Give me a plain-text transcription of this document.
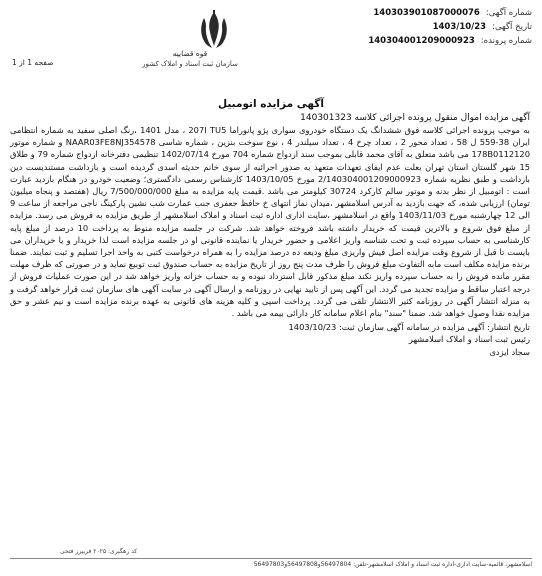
شماره آگهی:
140303901087000076
تاریخ آگهی:
1403/10/23
شماره پرونده:
140304001209000923
قوه قضاییه
سازمان ثبت اسناد و املاک کشور
صفحه 1 از 1
آگهی مزایده اتومبیل
آگهی مزایده اموال منقول پرونده اجرائی کلاسه 140301323

به موجب پرونده اجرائی کلاسه فوق ششدانگ یک دستگاه خودروی سواری پژو پانوراما 207I TU5 ، مدل 1401 ،رنگ اصلی سفید به شماره انتظامی ایران 38-559 ل 58 ، تعداد محور 2 ، تعداد چرخ 4 ، تعداد سیلندر 4 ، نوع سوخت بنزین ، شماره شاسی NAAR03FE8NJ354578 و شماره موتور 178B0112120 می باشد متعلق به آقای محمد قابلی بموجب سند ازدواج شماره 704 مورخ 1402/07/14 تنظیمی دفترخانه ازدواج شماره 79 و طلاق 15 شهر گلستان استان تهران بعلت عدم ایفای تعهدات متعهد به صدور اجرائیه از سوی خانم حدیثه اسدی گردیده است و بازداشت مستندیست دین بازداشت و طبق نظریه شماره 2/140304001209000923 مورخ 1403/10/05 کارشناس رسمی دادگستری؛ وضعیت خودرو در هنگام بازدید عبارت است : اتومبیل از نظر بدنه و موتور سالم کارکرد 30724 کیلومتر می باشد .قیمت پایه مزایده به مبلغ 7/500/000/000 ریال (هفتصد و پنجاه میلیون تومان) ارزیابی شده، که جهت بازدید به آدرس اسلامشهر ،میدان نماز انتهای خ حافظ جعفری جنب عمارت شب نشین پارکینگ ناجی مراجعه از ساعت 9 الی 12 چهارشنبه مورخ 1403/11/03 واقع در اسلامشهر ،سایت اداری اداره ثبت اسناد و املاک اسلامشهر از طریق مزایده به فروش می رسد. مزایده از مبلغ فوق شروع و بالاترین قیمت که خریدار داشته باشد فروخته خواهد شد. شرکت در جلسه مزایده منوط به پرداخت 10 درصد از مبلغ پایه کارشناسی به حساب سپرده ثبت و تحت شناسه واریز اعلامی و حضور خریدار یا نماینده قانونی او در جلسه مزایده است لذا خریدار و یا خریداران می بایست تا قبل از شروع وقت مزایده اصل فیش واریزی مبلغ ودیعه ده درصد مزایده را به همراه درخواست کتبی به واحد اجرا تسلیم و ثبت نمایند. ضمنا برنده مزایده مکلف است مابه التفاوت مبلغ فروش را ظرف مدت پنج روز از تاریخ مزایده به حساب صندوق ثبت توبیع نماید و در صورتی که ظرف مهلت مقرر مانده فروش را به حساب سپرده واریز نکند مبلغ مذکور قابل استرداد نبوده و به حساب خزانه واریز خواهد شد در این صورت عملیات فروش از درجه اعتبار ساقط و مزایده تجدید می گردد. این آگهی پس از تایید نهایی در روزنامه و ارسال آگهی در سایت آگهی های سازمان ثبت قرار خواهد گرفت و به منزله انتشار آگهی در روزنامه کثیر الانتشار تلقی می گردد. پرداخت اسپی و کلیه هزینه های قانونی به عهده برنده مزایده است و نیم عشر و حق مزایده نقدا وصول خواهد شد. ضمنا "سند" بنام اعلام سامانه کار دارائی بیمه می باشد .

تاریخ انتشار: آگهی مزایده در سامانه آگهی سازمان ثبت: 1403/10/23
رئیس ثبت اسناد و املاک اسلامشهر
سجاد ایزدی
کد رهگیری: ۲۰۲۵ فریبرز فتحی
اسلامشهر، قائمیه-سایت اداری-اداره ثبت اسناد و املاک اسلامشهر-تلفن: 56497804و56497808و56497803
